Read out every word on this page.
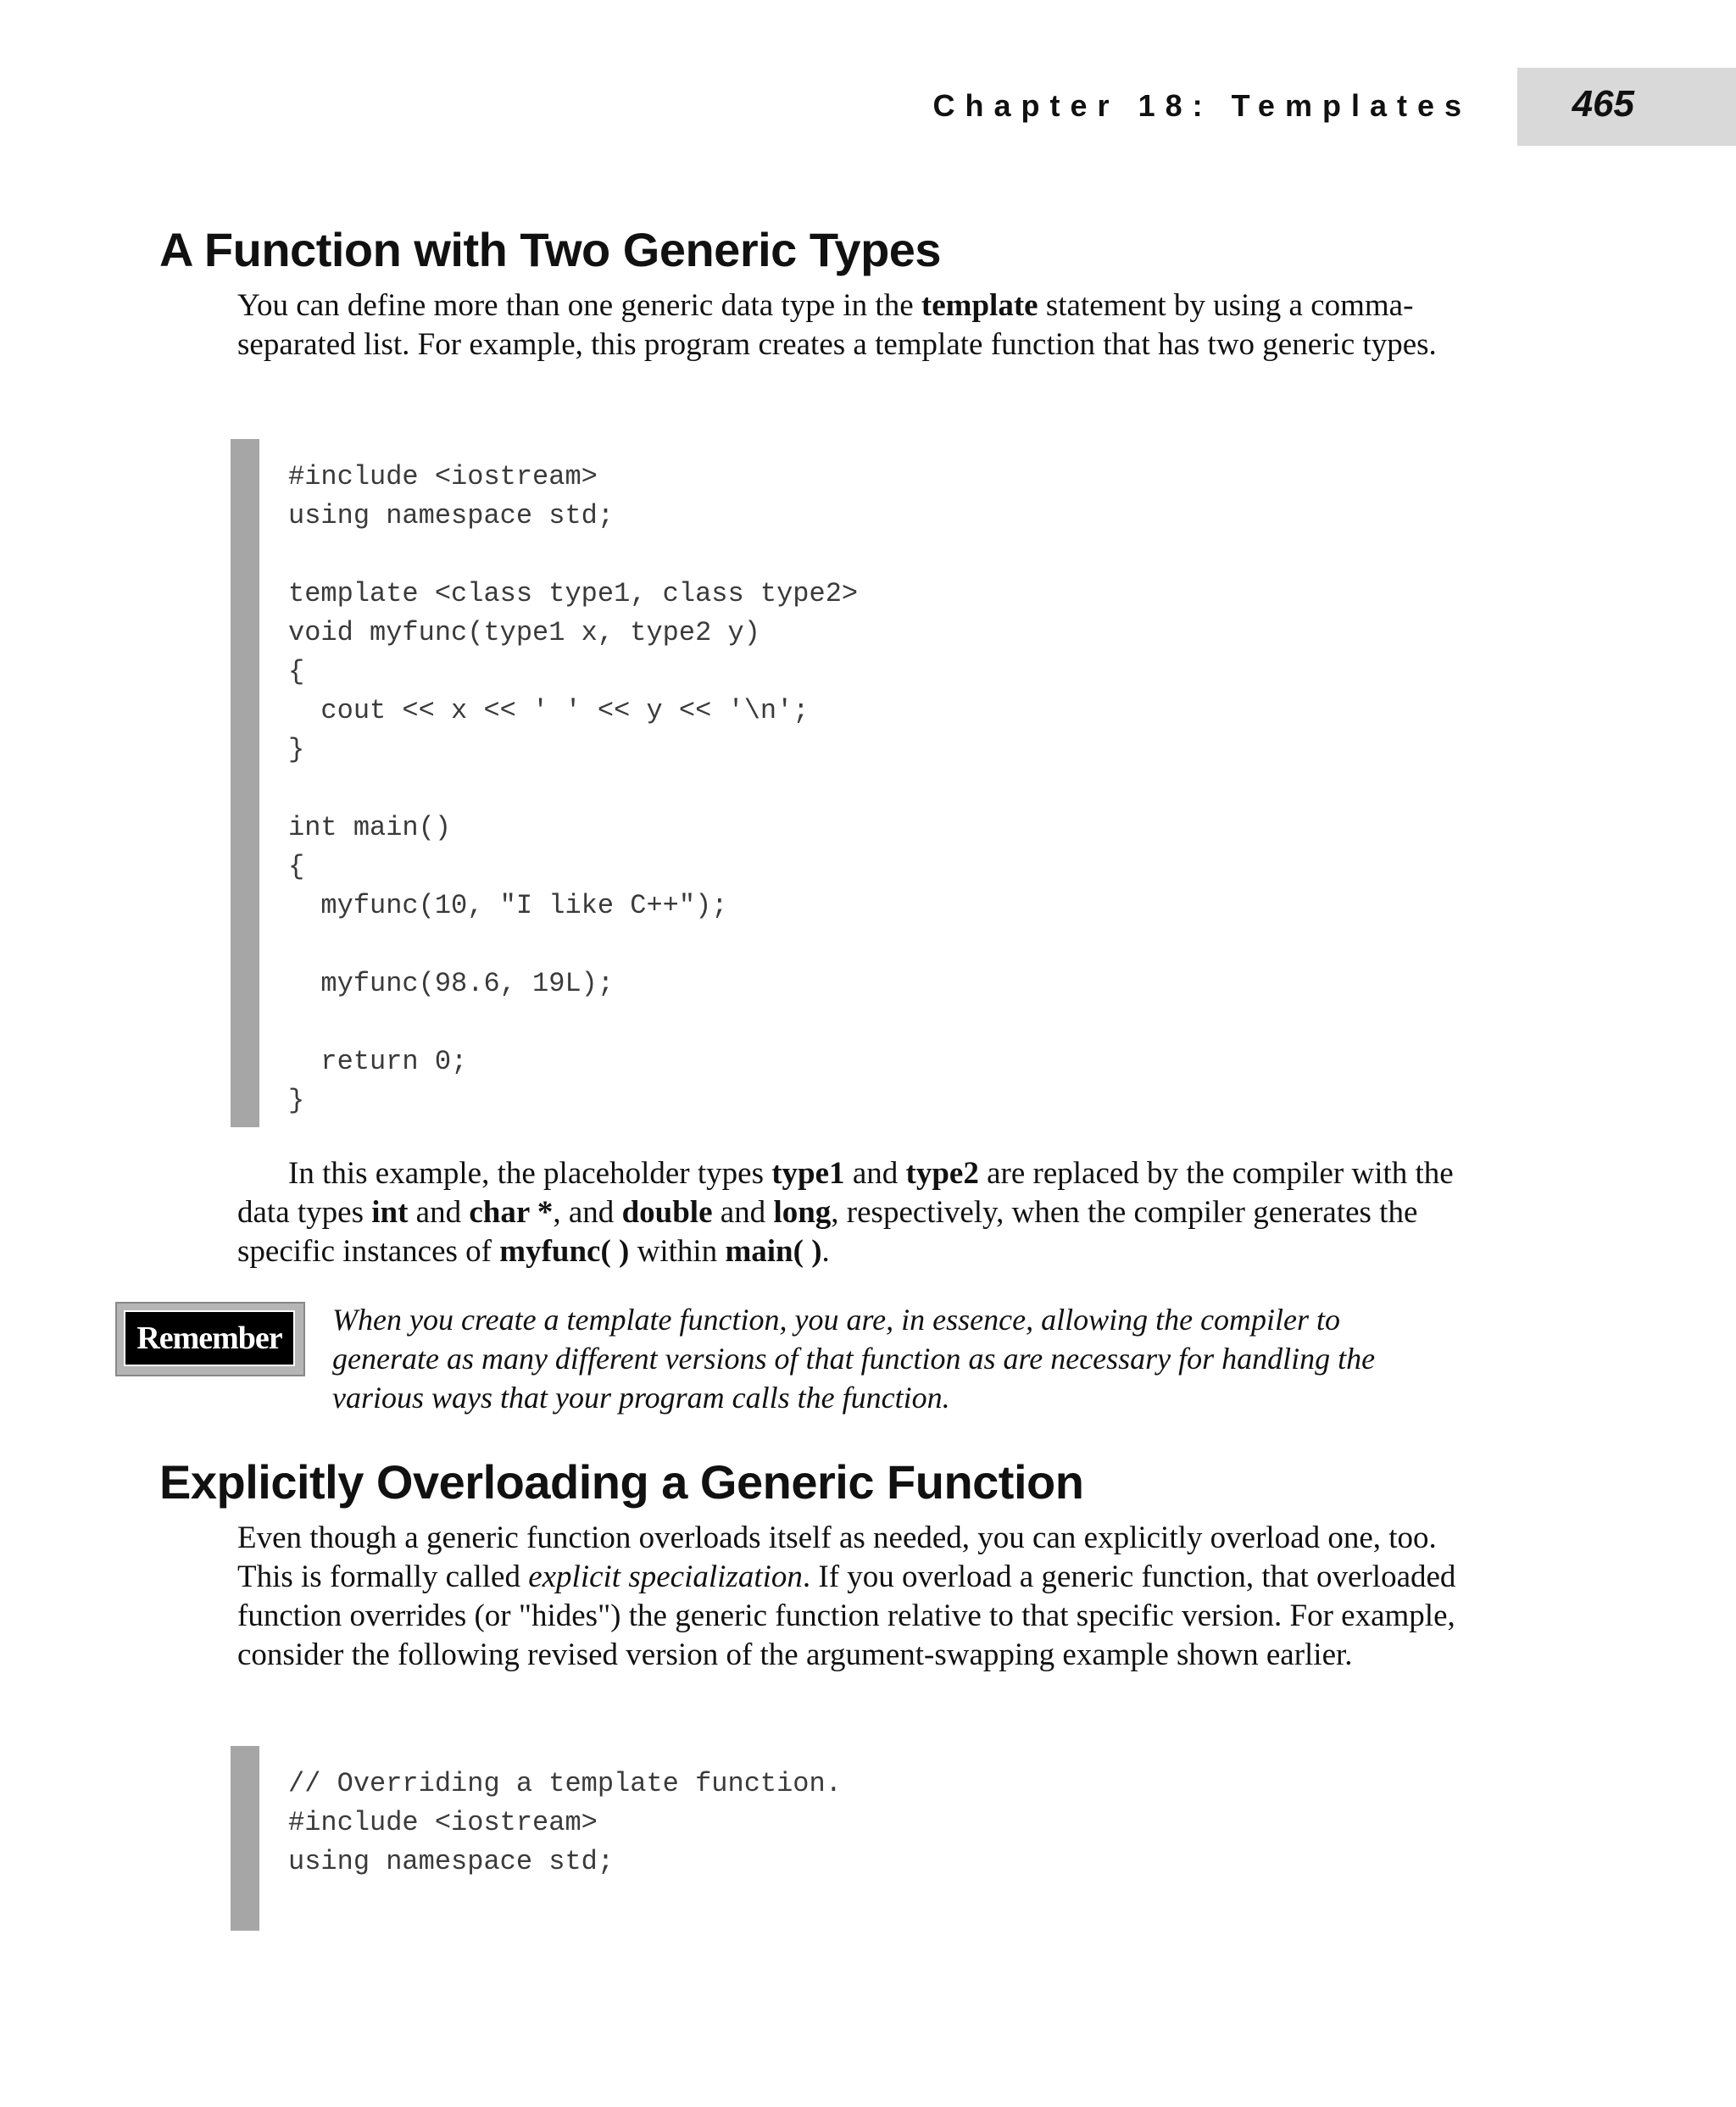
Chapter 18: Templates	465
A Function with Two Generic Types

You can define more than one generic data type in the template statement by using a comma-separated list. For example, this program creates a template function that has two generic types.

#include <iostream>
using namespace std;

template <class type1, class type2>
void myfunc(type1 x, type2 y)
{
cout << x << ' ' << y << '\n';
}

int main()
{
myfunc(10, "I like C++");

myfunc(98.6, 19L);

return 0;
}

In this example, the placeholder types type1 and type2 are replaced by the compiler with the data types int and char *, and double and long, respectively, when the compiler generates the specific instances of myfunc( ) within main( ).

Remember

When you create a template function, you are, in essence, allowing the compiler to generate as many different versions of that function as are necessary for handling the various ways that your program calls the function.

Explicitly Overloading a Generic Function

Even though a generic function overloads itself as needed, you can explicitly overload one, too. This is formally called explicit specialization. If you overload a generic function, that overloaded function overrides (or "hides") the generic function relative to that specific version. For example, consider the following revised version of the argument-swapping example shown earlier.

// Overriding a template function.
#include <iostream>
using namespace std;
